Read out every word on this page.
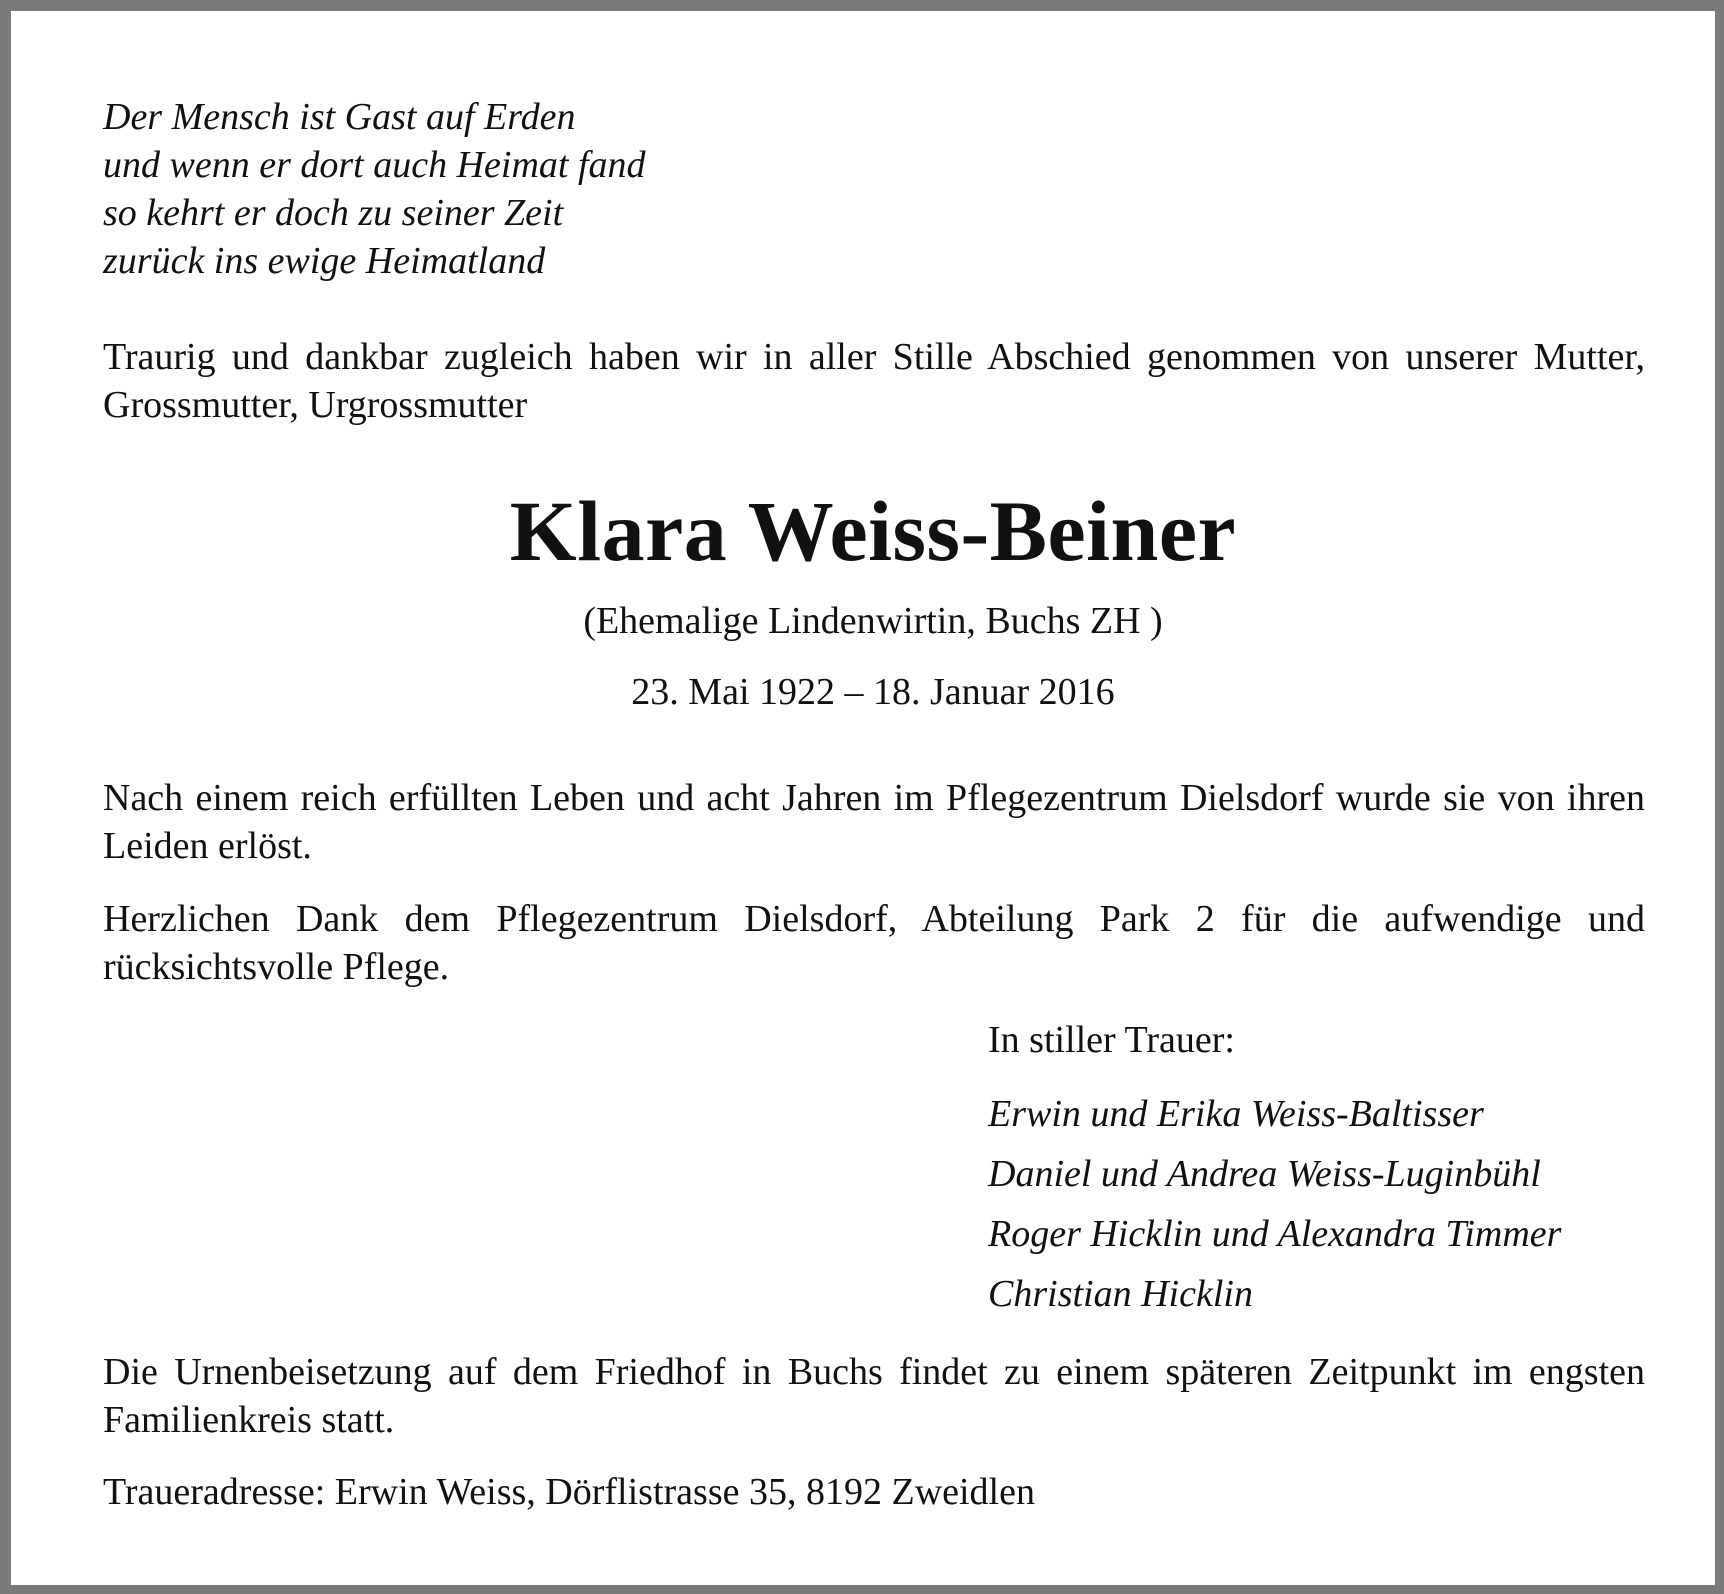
Der Mensch ist Gast auf Erden
und wenn er dort auch Heimat fand
so kehrt er doch zu seiner Zeit
zurück ins ewige Heimatland

Traurig und dankbar zugleich haben wir in aller Stille Abschied genommen von unserer Mutter, Grossmutter, Urgrossmutter

Klara Weiss-Beiner

(Ehemalige Lindenwirtin, Buchs ZH )

23. Mai 1922 – 18. Januar 2016

Nach einem reich erfüllten Leben und acht Jahren im Pflegezentrum Dielsdorf wurde sie von ihren Leiden erlöst.

Herzlichen Dank dem Pflegezentrum Dielsdorf, Abteilung Park 2 für die aufwendige und rücksichtsvolle Pflege.

In stiller Trauer:
Erwin und Erika Weiss-Baltisser
Daniel und Andrea Weiss-Luginbühl
Roger Hicklin und Alexandra Timmer
Christian Hicklin

Die Urnenbeisetzung auf dem Friedhof in Buchs findet zu einem späteren Zeitpunkt im engsten Familienkreis statt.

Traueradresse: Erwin Weiss, Dörflistrasse 35, 8192 Zweidlen
